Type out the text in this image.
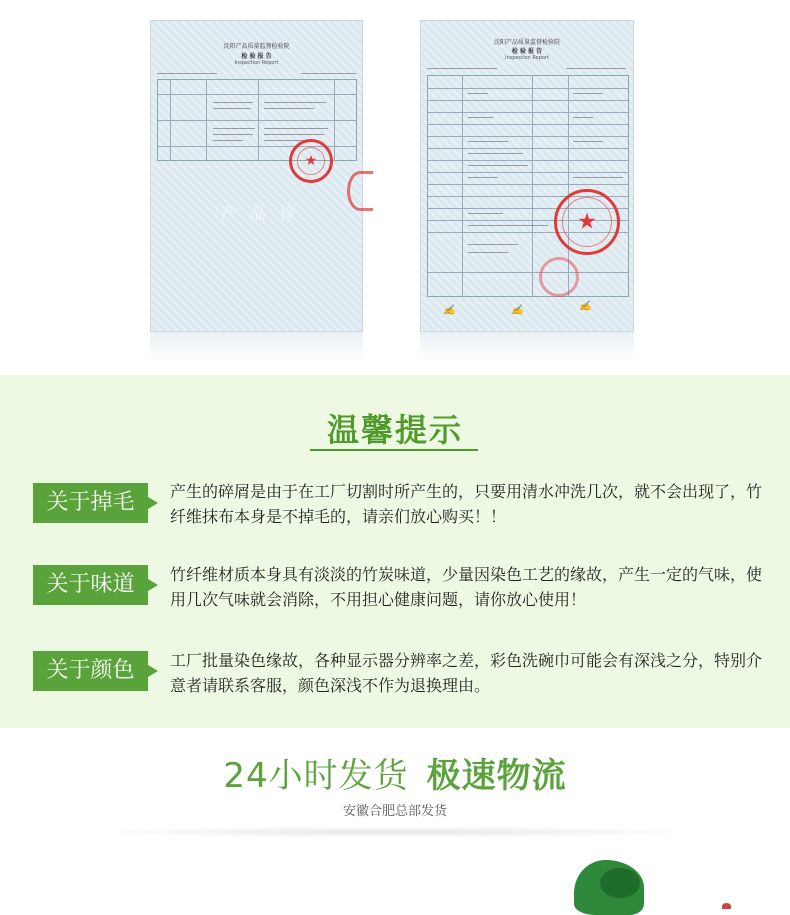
沈阳产品质量监督检验院
检 验 报 告
Inspection Report
★
产 品 检
沈阳产品质量监督检验院
检 验 报 告
Inspection Report
★
✍	✍	✍
温馨提示
关于掉毛	产生的碎屑是由于在工厂切割时所产生的，只要用清水冲洗几次，就不会出现了，竹纤维抹布本身是不掉毛的，请亲们放心购买！！
关于味道	竹纤维材质本身具有淡淡的竹炭味道，少量因染色工艺的缘故，产生一定的气味，使用几次气味就会消除，不用担心健康问题，请你放心使用！
关于颜色	工厂批量染色缘故，各种显示器分辨率之差，彩色洗碗巾可能会有深浅之分，特别介意者请联系客服，颜色深浅不作为退换理由。
24小时发货 极速物流
安徽合肥总部发货
